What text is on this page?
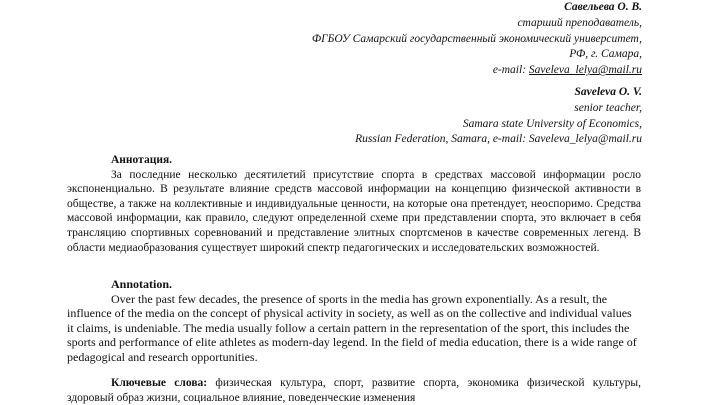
Савельева О. В.
старший преподаватель,
ФГБОУ Самарский государственный экономический университет,
РФ, г. Самара,
e-mail: Saveleva_lelya@mail.ru
Saveleva O. V.
senior teacher,
Samara state University of Economics,
Russian Federation, Samara, e-mail: Saveleva_lelya@mail.ru
Аннотация.
За последние несколько десятилетий присутствие спорта в средствах массовой информации росло экспоненциально. В результате влияние средств массовой информации на концепцию физической активности в обществе, а также на коллективные и индивидуальные ценности, на которые она претендует, неоспоримо. Средства массовой информации, как правило, следуют определенной схеме при представлении спорта, это включает в себя трансляцию спортивных соревнований и представление элитных спортсменов в качестве современных легенд. В области медиаобразования существует широкий спектр педагогических и исследовательских возможностей.
Annotation.
Over the past few decades, the presence of sports in the media has grown exponentially. As a result, the influence of the media on the concept of physical activity in society, as well as on the collective and individual values it claims, is undeniable. The media usually follow a certain pattern in the representation of the sport, this includes the sports and performance of elite athletes as modern-day legend. In the field of media education, there is a wide range of pedagogical and research opportunities.
Ключевые слова: физическая культура, спорт, развитие спорта, экономика физической культуры, здоровый образ жизни, социальное влияние, поведенческие изменения
